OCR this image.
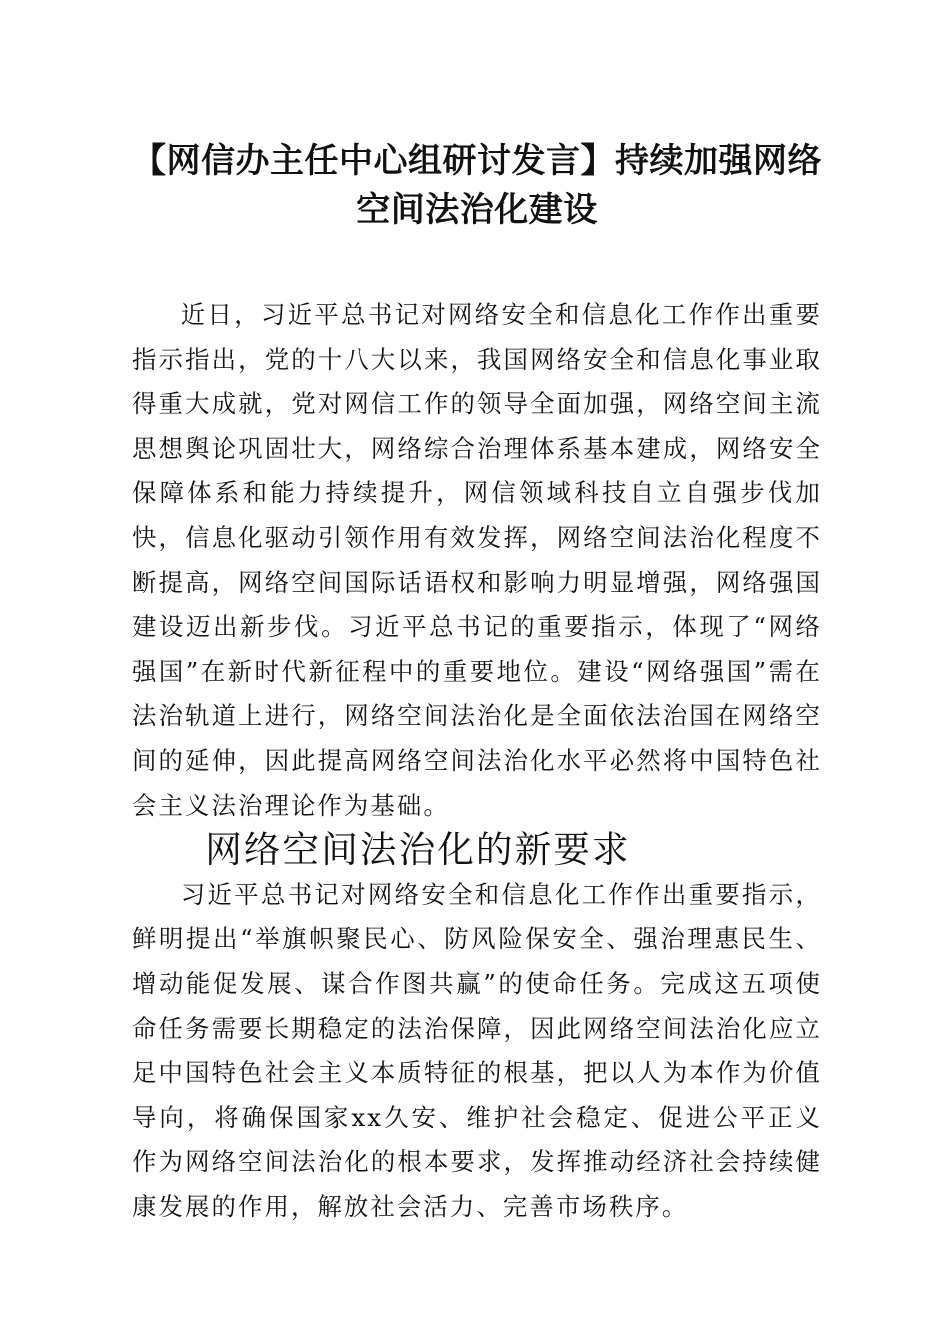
【网信办主任中心组研讨发言】持续加强网络
空间法治化建设

近日，习近平总书记对网络安全和信息化工作作出重要指示指出，党的十八大以来，我国网络安全和信息化事业取得重大成就，党对网信工作的领导全面加强，网络空间主流思想舆论巩固壮大，网络综合治理体系基本建成，网络安全保障体系和能力持续提升，网信领域科技自立自强步伐加快，信息化驱动引领作用有效发挥，网络空间法治化程度不断提高，网络空间国际话语权和影响力明显增强，网络强国建设迈出新步伐。习近平总书记的重要指示，体现了“网络强国”在新时代新征程中的重要地位。建设“网络强国”需在法治轨道上进行，网络空间法治化是全面依法治国在网络空间的延伸，因此提高网络空间法治化水平必然将中国特色社会主义法治理论作为基础。

网络空间法治化的新要求

习近平总书记对网络安全和信息化工作作出重要指示，鲜明提出“举旗帜聚民心、防风险保安全、强治理惠民生、增动能促发展、谋合作图共赢”的使命任务。完成这五项使命任务需要长期稳定的法治保障，因此网络空间法治化应立足中国特色社会主义本质特征的根基，把以人为本作为价值导向，将确保国家xx久安、维护社会稳定、促进公平正义作为网络空间法治化的根本要求，发挥推动经济社会持续健康发展的作用，解放社会活力、完善市场秩序。
